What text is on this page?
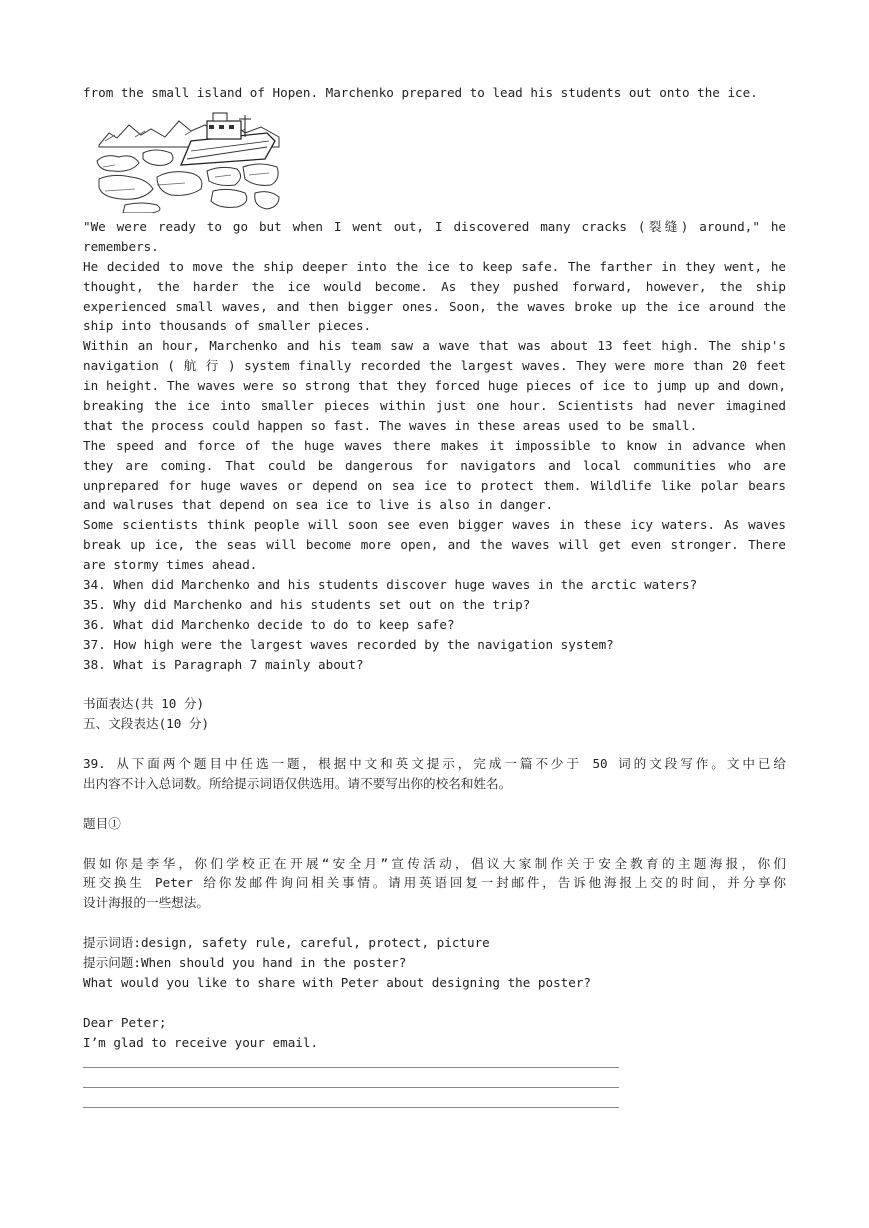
from the small island of Hopen. Marchenko prepared to lead his students out onto the ice.
"We were ready to go but when I went out, I discovered many cracks (裂缝) around," he
remembers.
He decided to move the ship deeper into the ice to keep safe. The farther in they went, he
thought, the harder the ice would become. As they pushed forward, however, the ship
experienced small waves, and then bigger ones. Soon, the waves broke up the ice around the
ship into thousands of smaller pieces.
Within an hour, Marchenko and his team saw a wave that was about 13 feet high. The ship's
navigation ( 航 行 ) system finally recorded the largest waves. They were more than 20 feet
in height. The waves were so strong that they forced huge pieces of ice to jump up and down,
breaking the ice into smaller pieces within just one hour. Scientists had never imagined
that the process could happen so fast. The waves in these areas used to be small.
The speed and force of the huge waves there makes it impossible to know in advance when
they are coming. That could be dangerous for navigators and local communities who are
unprepared for huge waves or depend on sea ice to protect them. Wildlife like polar bears
and walruses that depend on sea ice to live is also in danger.
Some scientists think people will soon see even bigger waves in these icy waters. As waves
break up ice, the seas will become more open, and the waves will get even stronger. There
are stormy times ahead.
34. When did Marchenko and his students discover huge waves in the arctic waters?
35. Why did Marchenko and his students set out on the trip?
36. What did Marchenko decide to do to keep safe?
37. How high were the largest waves recorded by the navigation system?
38. What is Paragraph 7 mainly about?
书面表达(共 10 分)
五、文段表达(10 分)
39. 从下面两个题目中任选一题，根据中文和英文提示，完成一篇不少于 50 词的文段写作。文中已给
出内容不计入总词数。所给提示词语仅供选用。请不要写出你的校名和姓名。
题目①
假如你是李华，你们学校正在开展“安全月”宣传活动，倡议大家制作关于安全教育的主题海报，你们
班交换生 Peter 给你发邮件询问相关事情。请用英语回复一封邮件，告诉他海报上交的时间，并分享你
设计海报的一些想法。
提示词语:design, safety rule, careful, protect, picture
提示问题:When should you hand in the poster?
What would you like to share with Peter about designing the poster?
Dear Peter;
I’m glad to receive your email.
